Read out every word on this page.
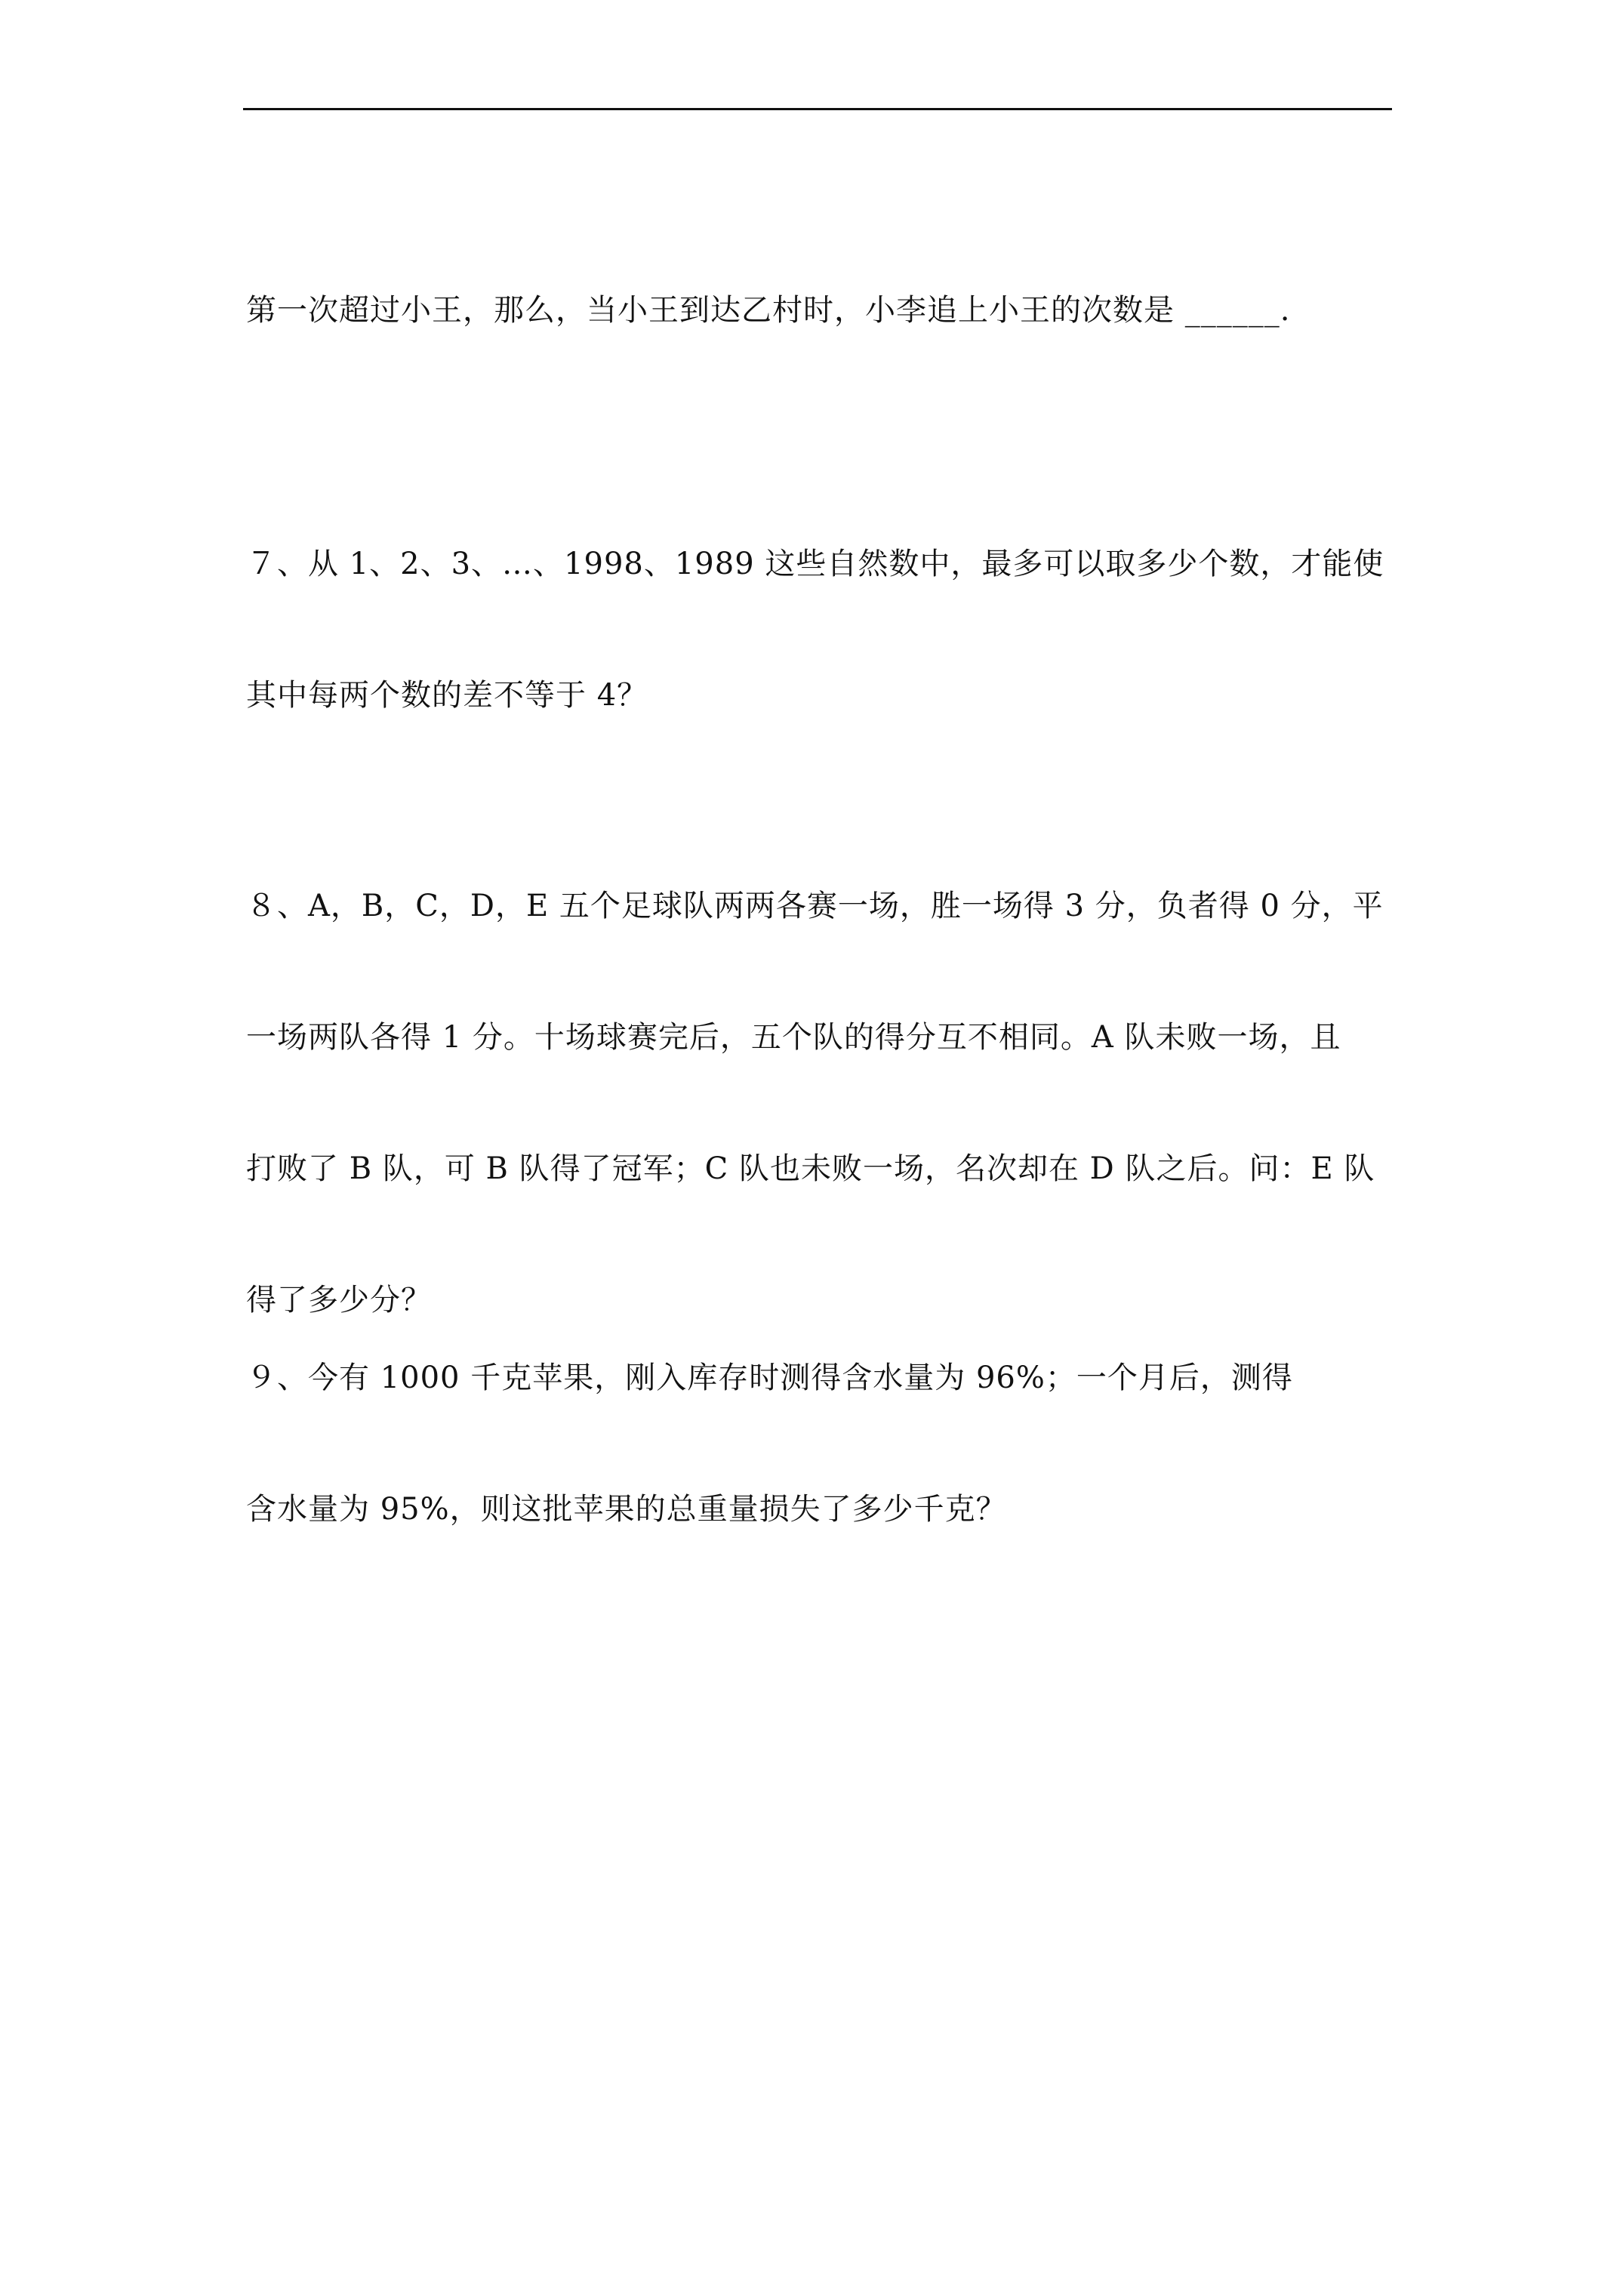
第一次超过小王，那么，当小王到达乙村时，小李追上小王的次数是 ______.

７、从 1、2、3、…、1998、1989 这些自然数中，最多可以取多少个数，才能使

其中每两个数的差不等于 4？

８、A，B，C，D，E 五个足球队两两各赛一场，胜一场得 3 分，负者得 0 分，平

一场两队各得 1 分。十场球赛完后，五个队的得分互不相同。A 队未败一场，且

打败了 B 队，可 B 队得了冠军；C 队也未败一场，名次却在 D 队之后。问：E 队

得了多少分？

９、今有 1000 千克苹果，刚入库存时测得含水量为 96%；一个月后，测得

含水量为 95%，则这批苹果的总重量损失了多少千克？
